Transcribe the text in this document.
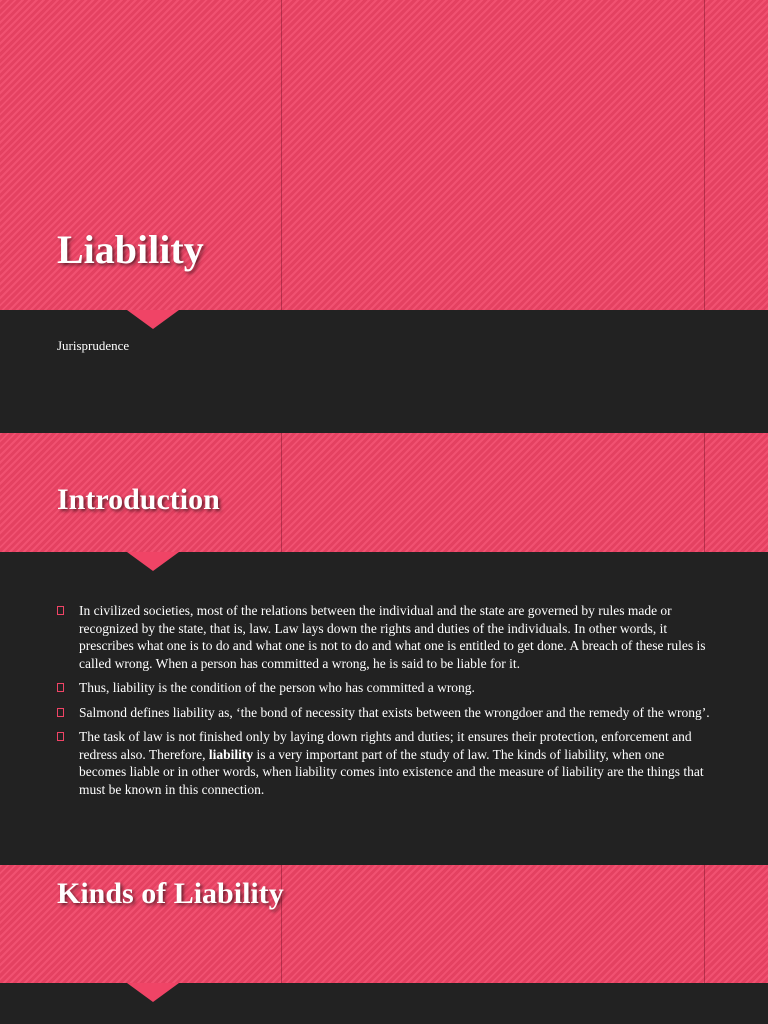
Liability
Jurisprudence
Introduction
In civilized societies, most of the relations between the individual and the state are governed by rules made or recognized by the state, that is, law. Law lays down the rights and duties of the individuals. In other words, it prescribes what one is to do and what one is not to do and what one is entitled to get done. A breach of these rules is called wrong. When a person has committed a wrong, he is said to be liable for it.
Thus, liability is the condition of the person who has committed a wrong.
Salmond defines liability as, ‘the bond of necessity that exists between the wrongdoer and the remedy of the wrong’.
The task of law is not finished only by laying down rights and duties; it ensures their protection, enforcement and redress also. Therefore, liability is a very important part of the study of law. The kinds of liability, when one becomes liable or in other words, when liability comes into existence and the measure of liability are the things that must be known in this connection.
Kinds of Liability
